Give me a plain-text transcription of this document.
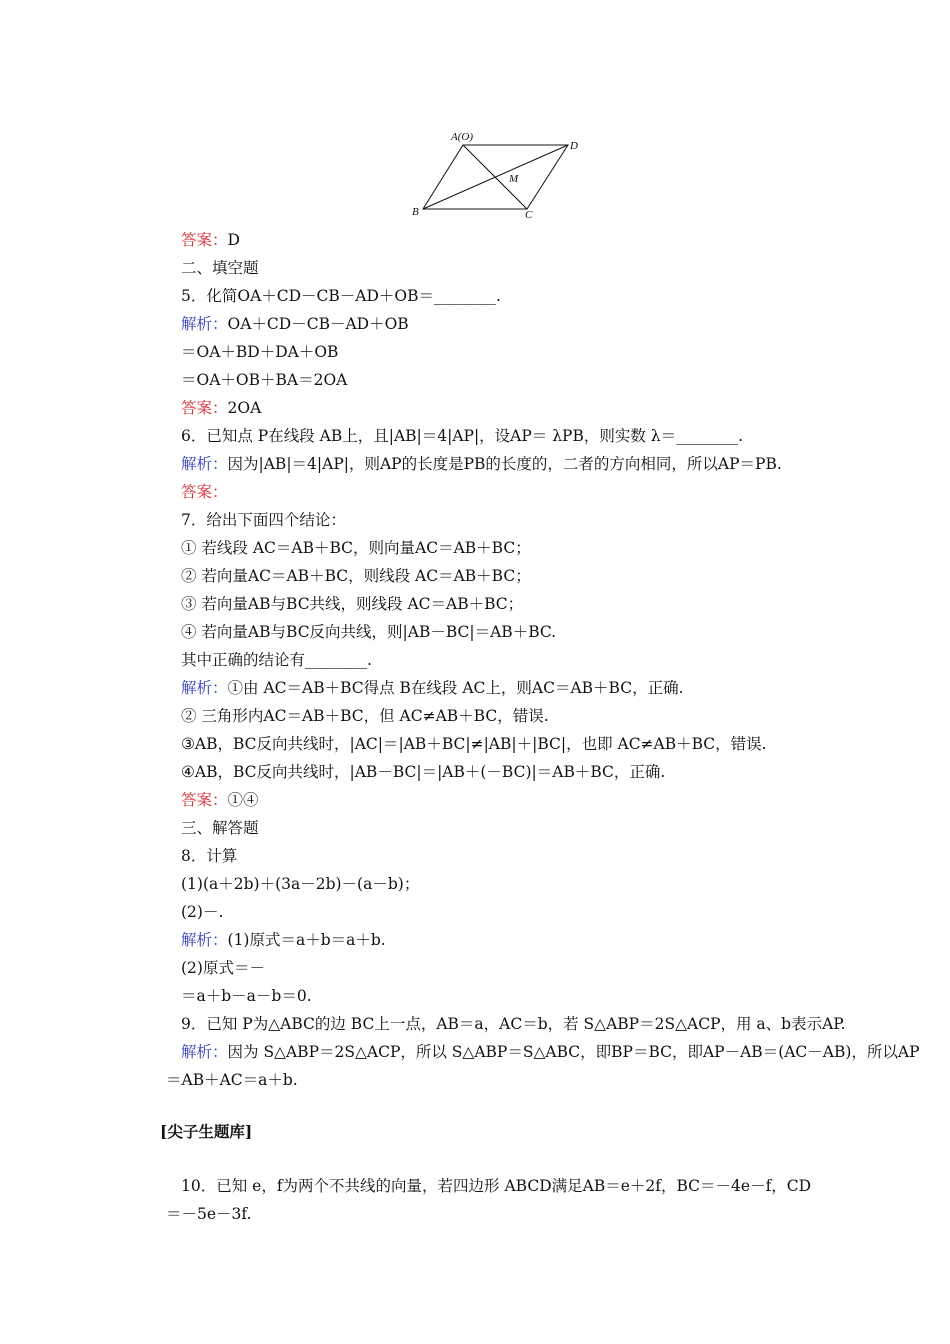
A(O)
D
M
B	C
答案：D
二、填空题
5．化简OA＋CD－CB－AD＋OB＝________.
解析：OA＋CD－CB－AD＋OB
＝OA＋BD＋DA＋OB
＝OA＋OB＋BA＝2OA
答案：2OA
6．已知点 P在线段 AB上，且|AB|＝4|AP|，设AP＝ λPB，则实数 λ＝________.
解析：因为|AB|＝4|AP|，则AP的长度是PB的长度的，二者的方向相同，所以AP＝PB.
答案：
7．给出下面四个结论：
① 若线段 AC＝AB＋BC，则向量AC＝AB＋BC；
② 若向量AC＝AB＋BC，则线段 AC＝AB＋BC；
③ 若向量AB与BC共线，则线段 AC＝AB＋BC；
④ 若向量AB与BC反向共线，则|AB－BC|＝AB＋BC.
其中正确的结论有________.
解析：①由 AC＝AB＋BC得点 B在线段 AC上，则AC＝AB＋BC，正确.
② 三角形内AC＝AB＋BC，但 AC≠AB＋BC，错误.
③AB，BC反向共线时，|AC|＝|AB＋BC|≠|AB|＋|BC|，也即 AC≠AB＋BC，错误.
④AB，BC反向共线时，|AB－BC|＝|AB＋(－BC)|＝AB＋BC，正确.
答案：①④
三、解答题
8．计算
(1)(a＋2b)＋(3a－2b)－(a－b)；
(2)－.
解析：(1)原式＝a＋b＝a＋b.
(2)原式＝－
＝a＋b－a－b＝0.
9．已知 P为△ABC的边 BC上一点，AB＝a，AC＝b，若 S△ABP＝2S△ACP，用 a、b表示AP.
解析：因为 S△ABP＝2S△ACP，所以 S△ABP＝S△ABC，即BP＝BC，即AP－AB＝(AC－AB)，所以AP
＝AB＋AC＝a＋b.
[尖子生题库]
10．已知 e，f为两个不共线的向量，若四边形 ABCD满足AB＝e＋2f，BC＝－4e－f，CD
＝－5e－3f.
